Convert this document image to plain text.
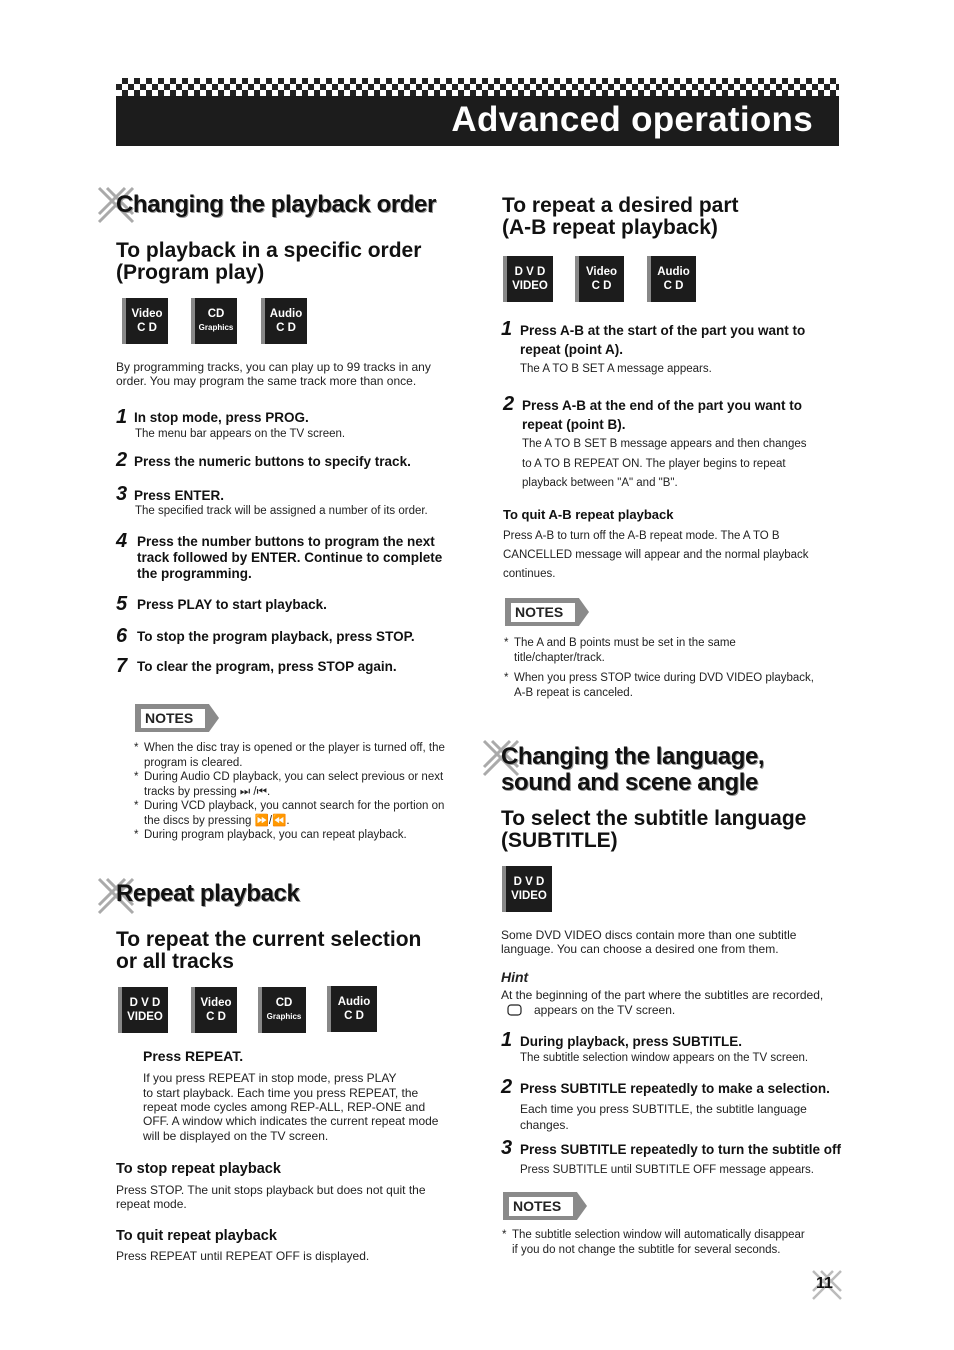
Advanced operations
Changing the playback order
To playback in a specific order
(Program play)
Video
C D
CD
Graphics
Audio
C D
By programming tracks, you can play up to 99 tracks in any
order. You may program the same track more than once.
1 In stop mode, press PROG.
The menu bar appears on the TV screen.
2 Press the numeric buttons to specify track.
3 Press ENTER.
The specified track will be assigned a number of its order.
4 Press the number buttons to program the next
track followed by ENTER. Continue to complete
the programming.
5 Press PLAY to start playback.
6 To stop the program playback, press STOP.
7 To clear the program, press STOP again.
NOTES
* When the disc tray is opened or the player is turned off, the
program is cleared.
* During Audio CD playback, you can select previous or next
tracks by pressing ⏭ /⏮.
* During VCD playback, you cannot search for the portion on
the discs by pressing ⏩/⏪.
* During program playback, you can repeat playback.
Repeat playback
To repeat the current selection
or all tracks
D V D
VIDEO
Video
C D
CD
Graphics
Audio
C D
Press REPEAT.
If you press REPEAT in stop mode, press PLAY
to start playback. Each time you press REPEAT, the
repeat mode cycles among REP-ALL, REP-ONE and
OFF. A window which indicates the current repeat mode
will be displayed on the TV screen.
To stop repeat playback
Press STOP. The unit stops playback but does not quit the
repeat mode.
To quit repeat playback
Press REPEAT until REPEAT OFF is displayed.
To repeat a desired part
(A-B repeat playback)
D V D
VIDEO
Video
C D
Audio
C D
1 Press A-B at the start of the part you want to
repeat (point A).
The A TO B SET A message appears.
2 Press A-B at the end of the part you want to
repeat (point B).
The A TO B SET B message appears and then changes
to A TO B REPEAT ON. The player begins to repeat
playback between "A" and "B".
To quit A-B repeat playback
Press A-B to turn off the A-B repeat mode. The A TO B
CANCELLED message will appear and the normal playback
continues.
NOTES
* The A and B points must be set in the same
title/chapter/track.
* When you press STOP twice during DVD VIDEO playback,
A-B repeat is canceled.
Changing the language,
sound and scene angle
To select the subtitle language
(SUBTITLE)
D V D
VIDEO
Some DVD VIDEO discs contain more than one subtitle
language. You can choose a desired one from them.
Hint
At the beginning of the part where the subtitles are recorded,
appears on the TV screen.
1 During playback, press SUBTITLE.
The subtitle selection window appears on the TV screen.
2 Press SUBTITLE repeatedly to make a selection.
Each time you press SUBTITLE, the subtitle language
changes.
3 Press SUBTITLE repeatedly to turn the subtitle off
Press SUBTITLE until SUBTITLE OFF message appears.
NOTES
* The subtitle selection window will automatically disappear
if you do not change the subtitle for several seconds.
11
